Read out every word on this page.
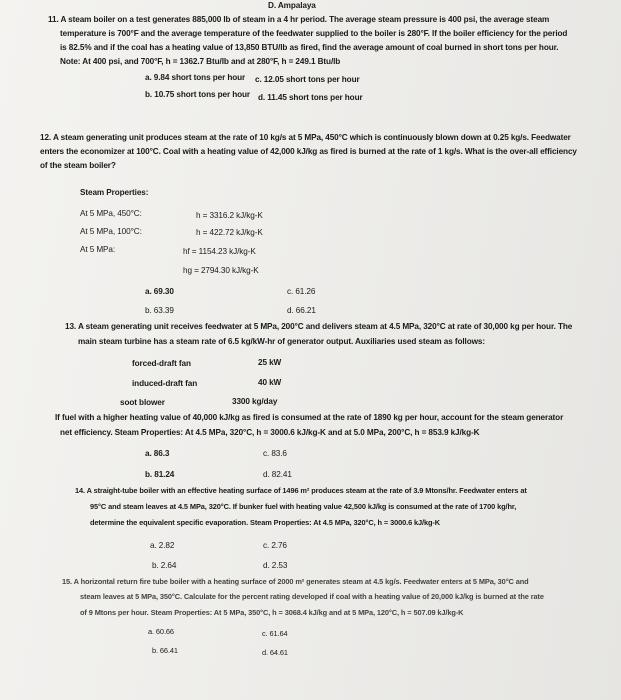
D. Ampalaya
11. A steam boiler on a test generates 885,000 lb of steam in a 4 hr period. The average steam pressure is 400 psi, the average steam
temperature is 700°F and the average temperature of the feedwater supplied to the boiler is 280°F. If the boiler efficiency for the period
is 82.5% and if the coal has a heating value of 13,850 BTU/lb as fired, find the average amount of coal burned in short tons per hour.
Note: At 400 psi, and 700°F, h = 1362.7 Btu/lb and at 280°F, h = 249.1 Btu/lb
a. 9.84 short tons per hour c. 12.05 short tons per hour
b. 10.75 short tons per hour d. 11.45 short tons per hour
12. A steam generating unit produces steam at the rate of 10 kg/s at 5 MPa, 450°C which is continuously blown down at 0.25 kg/s. Feedwater
enters the economizer at 100°C. Coal with a heating value of 42,000 kJ/kg as fired is burned at the rate of 1 kg/s. What is the over-all efficiency
of the steam boiler?
Steam Properties:
At 5 MPa, 450°C:	h = 3316.2 kJ/kg-K
At 5 MPa, 100°C:	h = 422.72 kJ/kg-K
At 5 MPa:	hf = 1154.23 kJ/kg-K
hg = 2794.30 kJ/kg-K
a. 69.30	c. 61.26
b. 63.39	d. 66.21
13. A steam generating unit receives feedwater at 5 MPa, 200°C and delivers steam at 4.5 MPa, 320°C at rate of 30,000 kg per hour. The
main steam turbine has a steam rate of 6.5 kg/kW-hr of generator output. Auxiliaries used steam as follows:
forced-draft fan	25 kW
induced-draft fan	40 kW
soot blower	3300 kg/day
If fuel with a higher heating value of 40,000 kJ/kg as fired is consumed at the rate of 1890 kg per hour, account for the steam generator
net efficiency. Steam Properties: At 4.5 MPa, 320°C, h = 3000.6 kJ/kg-K and at 5.0 MPa, 200°C, h = 853.9 kJ/kg-K
a. 86.3	c. 83.6
b. 81.24	d. 82.41
14. A straight-tube boiler with an effective heating surface of 1496 m² produces steam at the rate of 3.9 Mtons/hr. Feedwater enters at
95°C and steam leaves at 4.5 MPa, 320°C. If bunker fuel with heating value 42,500 kJ/kg is consumed at the rate of 1700 kg/hr,
determine the equivalent specific evaporation. Steam Properties: At 4.5 MPa, 320°C, h = 3000.6 kJ/kg-K
a. 2.82	c. 2.76
b. 2.64	d. 2.53
15. A horizontal return fire tube boiler with a heating surface of 2000 m² generates steam at 4.5 kg/s. Feedwater enters at 5 MPa, 30°C and
steam leaves at 5 MPa, 350°C. Calculate for the percent rating developed if coal with a heating value of 20,000 kJ/kg is burned at the rate
of 9 Mtons per hour. Steam Properties: At 5 MPa, 350°C, h = 3068.4 kJ/kg and at 5 MPa, 120°C, h = 507.09 kJ/kg-K
a. 60.66	c. 61.64
b. 66.41	d. 64.61
